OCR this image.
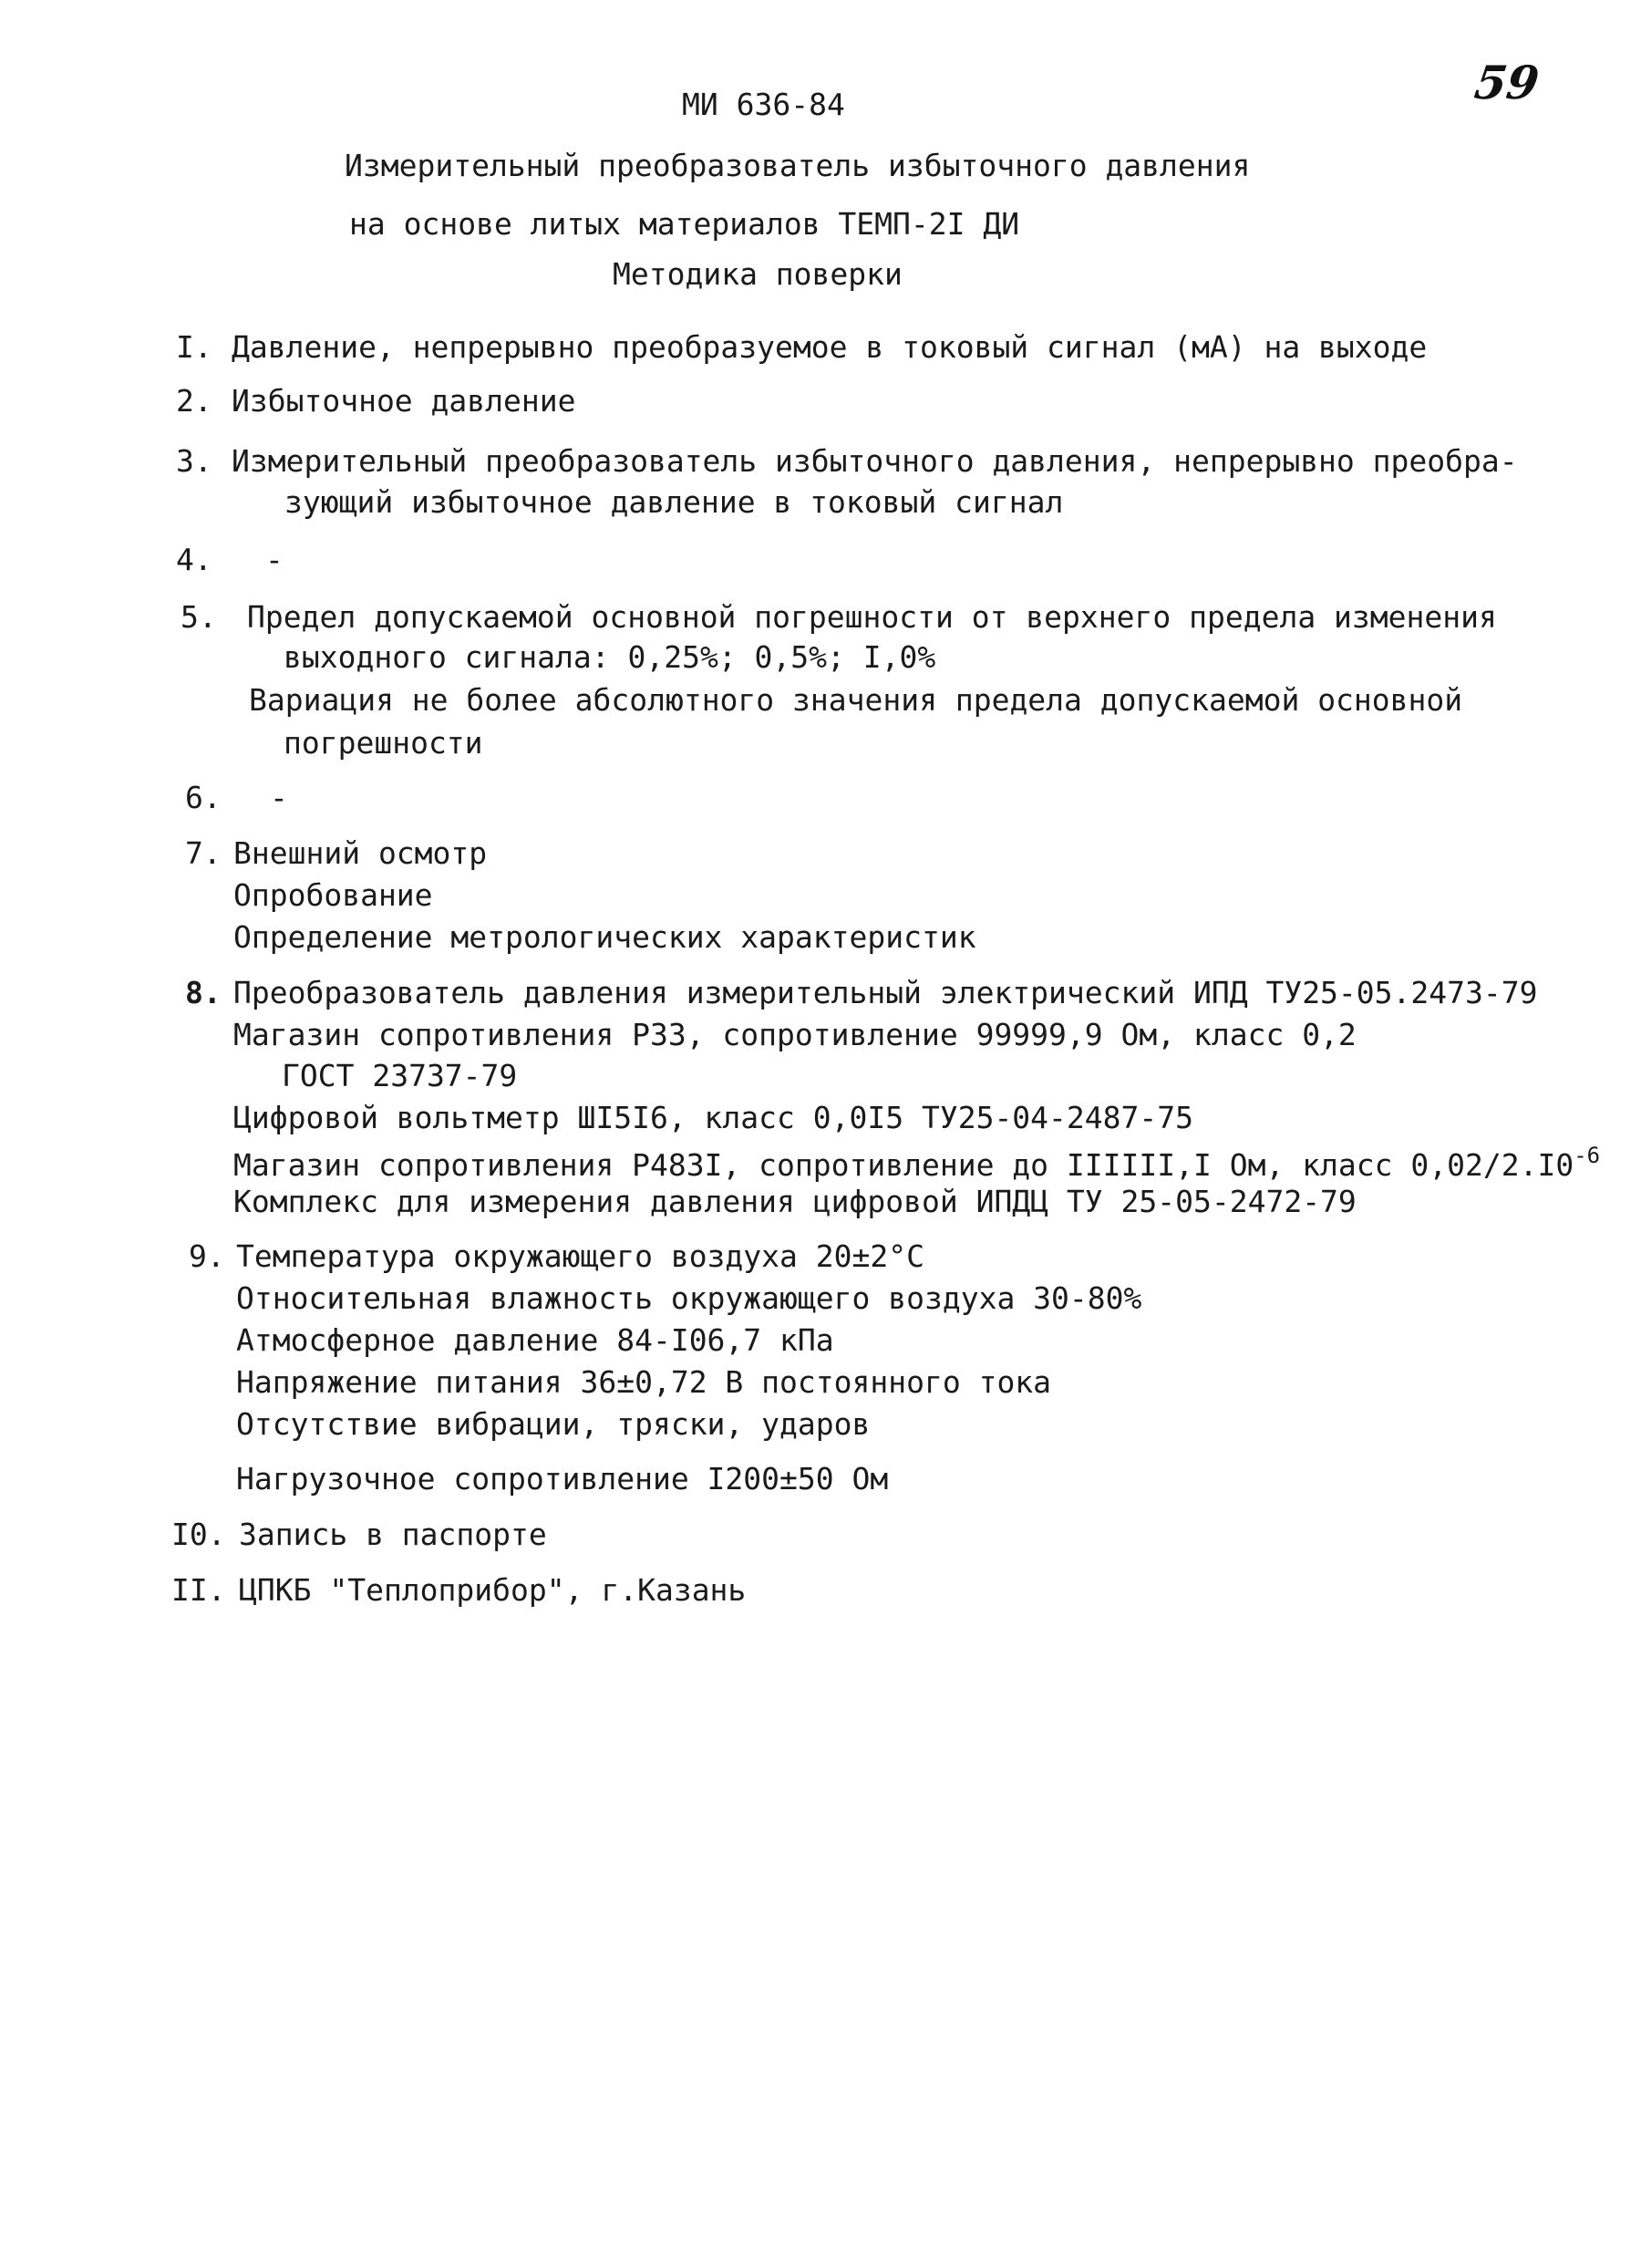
59
МИ 636-84
Измерительный преобразователь избыточного давления
на основе литых материалов ТЕМП-2I ДИ
Методика поверки
I. Давление, непрерывно преобразуемое в токовый сигнал (мА) на выходе
2. Избыточное давление
3. Измерительный преобразователь избыточного давления, непрерывно преобра-
зующий избыточное давление в токовый сигнал
4. -
5. Предел допускаемой основной погрешности от верхнего предела изменения
выходного сигнала: 0,25%; 0,5%; I,0%
Вариация не более абсолютного значения предела допускаемой основной
погрешности
6. -
7. Внешний осмотр
Опробование
Определение метрологических характеристик
8. Преобразователь давления измерительный электрический ИПД ТУ25-05.2473-79
Магазин сопротивления Р33, сопротивление 99999,9 Ом, класс 0,2
ГОСТ 23737-79
Цифровой вольтметр ШI5I6, класс 0,0I5 ТУ25-04-2487-75
Магазин сопротивления Р483I, сопротивление до IIIIII,I Ом, класс $0,02/2.I0^{-6}$
Комплекс для измерения давления цифровой ИПДЦ ТУ 25-05-2472-79
9. Температура окружающего воздуха 20±2°C
Относительная влажность окружающего воздуха 30-80%
Атмосферное давление 84-I06,7 кПа
Напряжение питания 36±0,72 В постоянного тока
Отсутствие вибрации, тряски, ударов
Нагрузочное сопротивление I200±50 Ом
I0. Запись в паспорте
II. ЦПКБ "Теплоприбор", г.Казань
